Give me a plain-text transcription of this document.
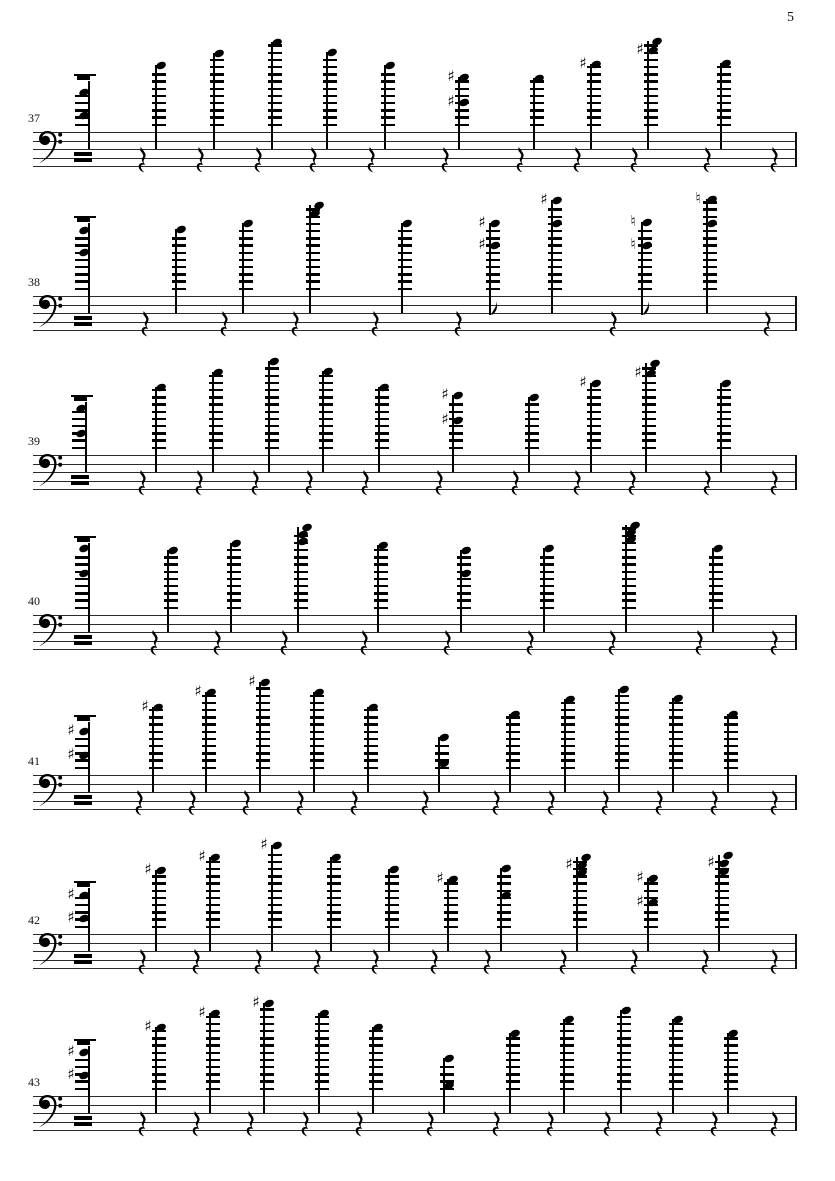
5
37
♯
♯
♯
♯
38
♯
♯
♯
♮
♮
♮
39
♯
♯
♯
♯
40
41
♯
♯
♯
♯
♯
42
♯
♯
♯
♯
♯
♯
♯
♯
♯
♯
43
♯
♯
♯
♯
♯
